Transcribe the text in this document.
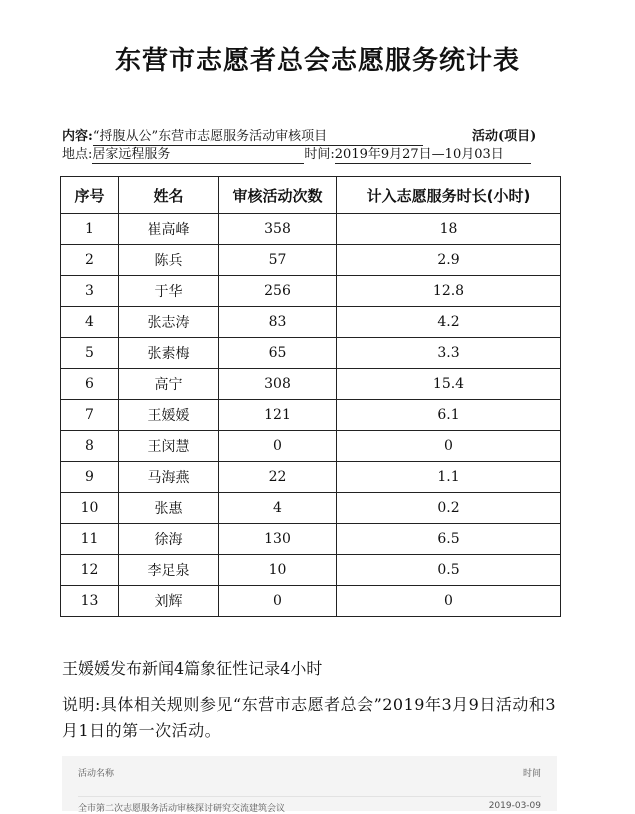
东营市志愿者总会志愿服务统计表
内容:“捋腹从公”东营市志愿服务活动审核项目	活动(项目)
地点:居家远程服务	时间:2019年9月27日—10月03日
序号	姓名	审核活动次数	计入志愿服务时长(小时)
1	崔高峰	358	18
2	陈兵	57	2.9
3	于华	256	12.8
4	张志涛	83	4.2
5	张素梅	65	3.3
6	高宁	308	15.4
7	王媛媛	121	6.1
8	王闵慧	0	0
9	马海燕	22	1.1
10	张惠	4	0.2
11	徐海	130	6.5
12	李足泉	10	0.5
13	刘辉	0	0
王媛媛发布新闻4篇象征性记录4小时
说明:具体相关规则参见“东营市志愿者总会”2019年3月9日活动和3月1日的第一次活动。
活动名称	时间
全市第二次志愿服务活动审核探讨研究交流建筑会议	2019-03-09
